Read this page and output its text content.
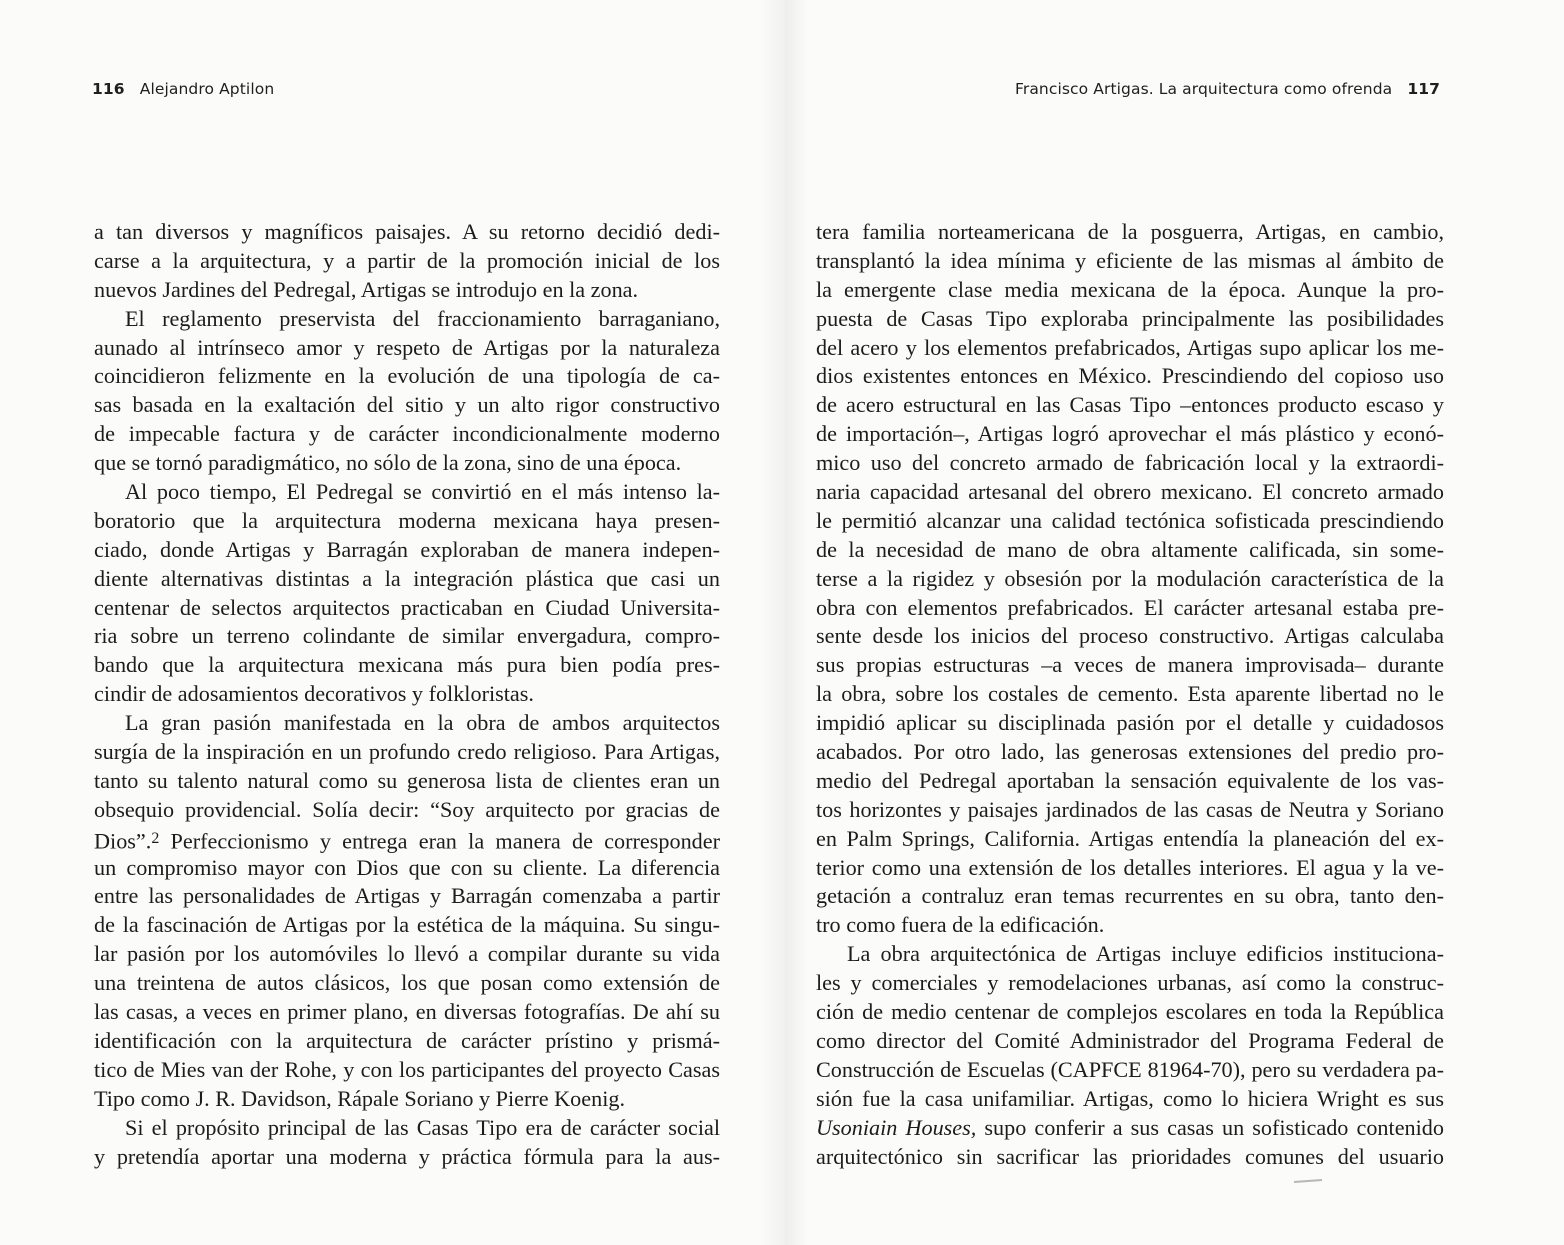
116 Alejandro Aptilon	Francisco Artigas. La arquitectura como ofrenda 117
a tan diversos y magníficos paisajes. A su retorno decidió dedi-
carse a la arquitectura, y a partir de la promoción inicial de los
nuevos Jardines del Pedregal, Artigas se introdujo en la zona.
El reglamento preservista del fraccionamiento barraganiano,
aunado al intrínseco amor y respeto de Artigas por la naturaleza
coincidieron felizmente en la evolución de una tipología de ca-
sas basada en la exaltación del sitio y un alto rigor constructivo
de impecable factura y de carácter incondicionalmente moderno
que se tornó paradigmático, no sólo de la zona, sino de una época.
Al poco tiempo, El Pedregal se convirtió en el más intenso la-
boratorio que la arquitectura moderna mexicana haya presen-
ciado, donde Artigas y Barragán exploraban de manera indepen-
diente alternativas distintas a la integración plástica que casi un
centenar de selectos arquitectos practicaban en Ciudad Universita-
ria sobre un terreno colindante de similar envergadura, compro-
bando que la arquitectura mexicana más pura bien podía pres-
cindir de adosamientos decorativos y folkloristas.
La gran pasión manifestada en la obra de ambos arquitectos
surgía de la inspiración en un profundo credo religioso. Para Artigas,
tanto su talento natural como su generosa lista de clientes eran un
obsequio providencial. Solía decir: “Soy arquitecto por gracias de
Dios”.$^2$ Perfeccionismo y entrega eran la manera de corresponder
un compromiso mayor con Dios que con su cliente. La diferencia
entre las personalidades de Artigas y Barragán comenzaba a partir
de la fascinación de Artigas por la estética de la máquina. Su singu-
lar pasión por los automóviles lo llevó a compilar durante su vida
una treintena de autos clásicos, los que posan como extensión de
las casas, a veces en primer plano, en diversas fotografías. De ahí su
identificación con la arquitectura de carácter prístino y prismá-
tico de Mies van der Rohe, y con los participantes del proyecto Casas
Tipo como J. R. Davidson, Rápale Soriano y Pierre Koenig.
Si el propósito principal de las Casas Tipo era de carácter social
y pretendía aportar una moderna y práctica fórmula para la aus-
tera familia norteamericana de la posguerra, Artigas, en cambio,
transplantó la idea mínima y eficiente de las mismas al ámbito de
la emergente clase media mexicana de la época. Aunque la pro-
puesta de Casas Tipo exploraba principalmente las posibilidades
del acero y los elementos prefabricados, Artigas supo aplicar los me-
dios existentes entonces en México. Prescindiendo del copioso uso
de acero estructural en las Casas Tipo –entonces producto escaso y
de importación–, Artigas logró aprovechar el más plástico y econó-
mico uso del concreto armado de fabricación local y la extraordi-
naria capacidad artesanal del obrero mexicano. El concreto armado
le permitió alcanzar una calidad tectónica sofisticada prescindiendo
de la necesidad de mano de obra altamente calificada, sin some-
terse a la rigidez y obsesión por la modulación característica de la
obra con elementos prefabricados. El carácter artesanal estaba pre-
sente desde los inicios del proceso constructivo. Artigas calculaba
sus propias estructuras –a veces de manera improvisada– durante
la obra, sobre los costales de cemento. Esta aparente libertad no le
impidió aplicar su disciplinada pasión por el detalle y cuidadosos
acabados. Por otro lado, las generosas extensiones del predio pro-
medio del Pedregal aportaban la sensación equivalente de los vas-
tos horizontes y paisajes jardinados de las casas de Neutra y Soriano
en Palm Springs, California. Artigas entendía la planeación del ex-
terior como una extensión de los detalles interiores. El agua y la ve-
getación a contraluz eran temas recurrentes en su obra, tanto den-
tro como fuera de la edificación.
La obra arquitectónica de Artigas incluye edificios instituciona-
les y comerciales y remodelaciones urbanas, así como la construc-
ción de medio centenar de complejos escolares en toda la República
como director del Comité Administrador del Programa Federal de
Construcción de Escuelas (CAPFCE 81964-70), pero su verdadera pa-
sión fue la casa unifamiliar. Artigas, como lo hiciera Wright es sus
Usoniain Houses, supo conferir a sus casas un sofisticado contenido
arquitectónico sin sacrificar las prioridades comunes del usuario
